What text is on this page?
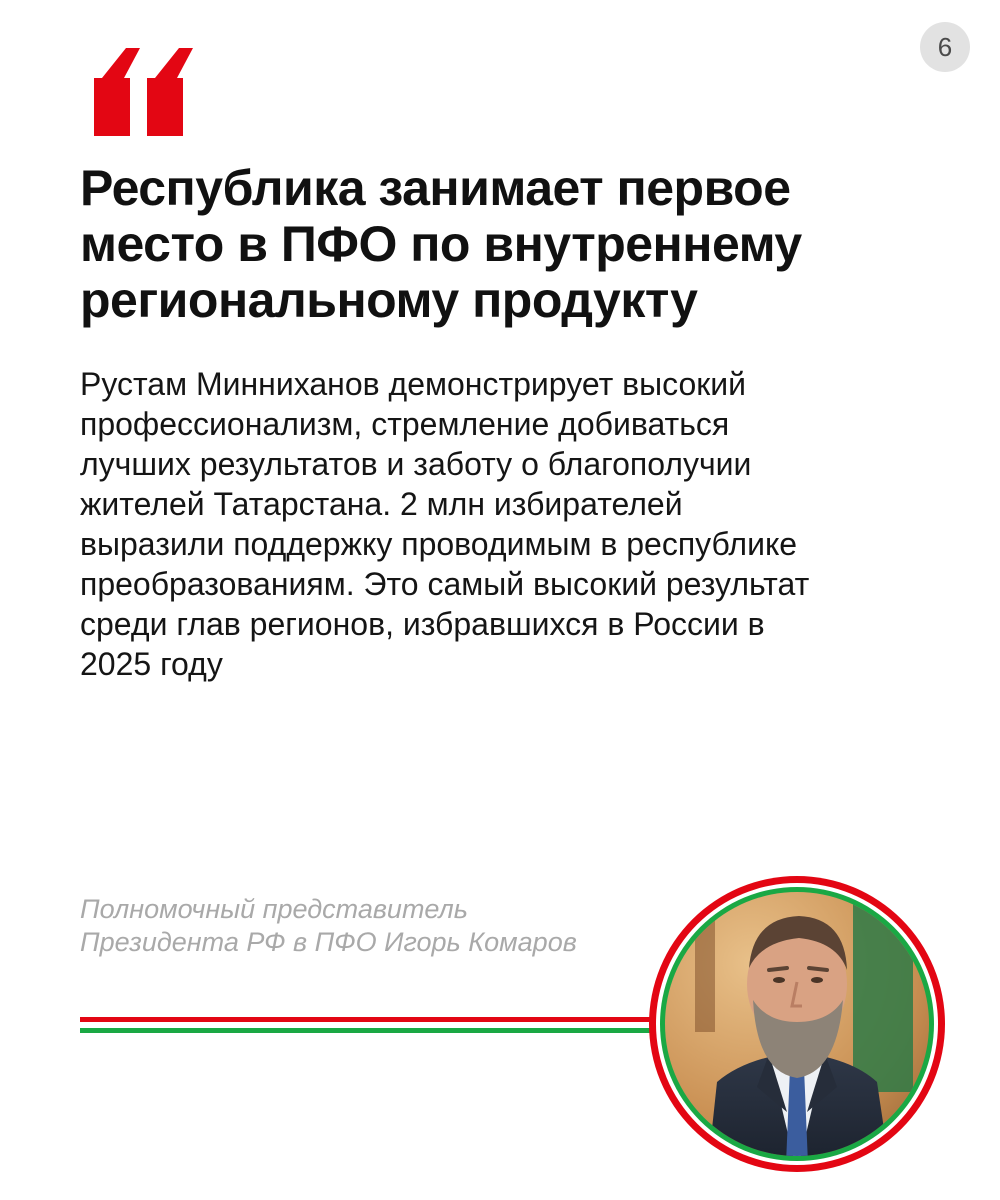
6
Республика занимает первое место в ПФО по внутреннему региональному продукту
Рустам Минниханов демонстрирует высокий
профессионализм, стремление добиваться
лучших результатов и заботу о благополучии
жителей Татарстана. 2 млн избирателей
выразили поддержку проводимым в республике
преобразованиям. Это самый высокий результат
среди глав регионов, избравшихся в России в
2025 году
Полномочный представитель
Президента РФ в ПФО Игорь Комаров
